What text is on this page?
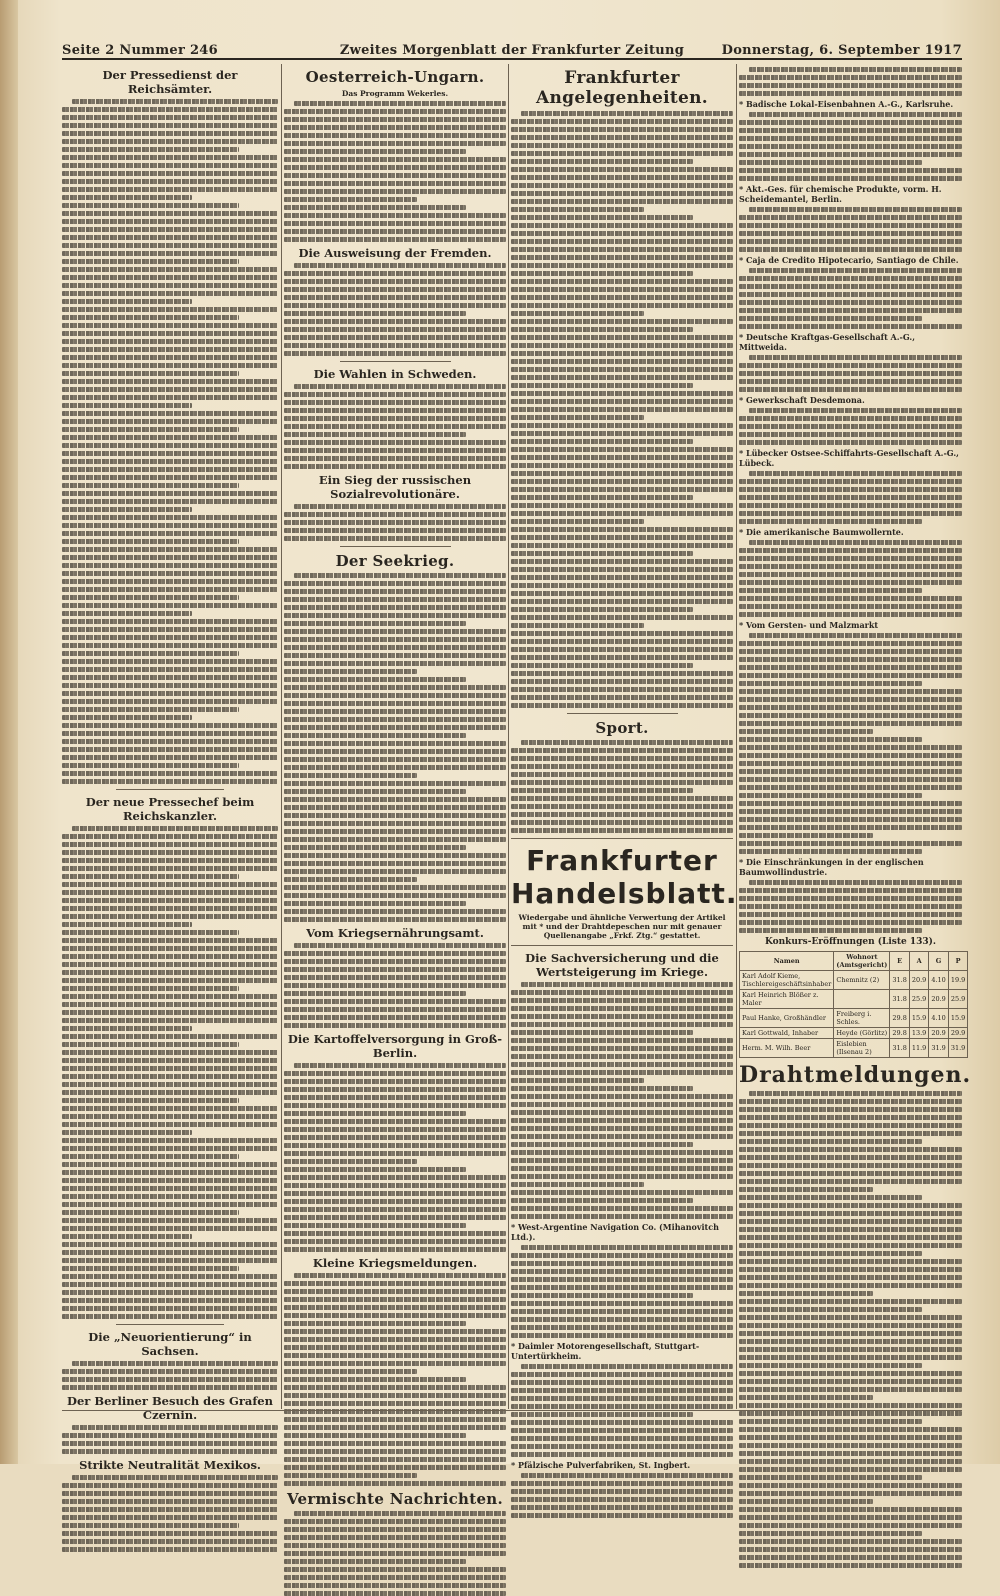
Seite 2 Nummer 246	Zweites Morgenblatt der Frankfurter Zeitung	Donnerstag, 6. September 1917
Der Pressedienst der Reichsämter.
Der neue Pressechef beim Reichskanzler.
Die „Neuorientierung“ in Sachsen.
Der Berliner Besuch des Grafen Czernin.
Strikte Neutralität Mexikos.
Oesterreich-Ungarn.
Das Programm Wekerles.
Die Ausweisung der Fremden.
Die Wahlen in Schweden.
Ein Sieg der russischen Sozialrevolutionäre.
Der Seekrieg.
Vom Kriegsernährungsamt.
Die Kartoffelversorgung in Groß-Berlin.
Kleine Kriegsmeldungen.
Vermischte Nachrichten.
Frankfurter Angelegenheiten.
Sport.
Frankfurter Handelsblatt.
Wiedergabe und ähnliche Verwertung der Artikel mit * und der Drahtdepeschen nur mit genauer Quellenangabe „Frkf. Ztg.“ gestattet.
Die Sachversicherung und die Wertsteigerung im Kriege.
* West-Argentine Navigation Co. (Mihanovitch Ltd.).
* Daimler Motorengesellschaft, Stuttgart-Untertürkheim.
* Pfälzische Pulverfabriken, St. Ingbert.
* Badische Lokal-Eisenbahnen A.-G., Karlsruhe.
* Akt.-Ges. für chemische Produkte, vorm. H. Scheidemantel, Berlin.
* Caja de Credito Hipotecario, Santiago de Chile.
* Deutsche Kraftgas-Gesellschaft A.-G., Mittweida.
* Gewerkschaft Desdemona.
* Lübecker Ostsee-Schiffahrts-Gesellschaft A.-G., Lübeck.
* Die amerikanische Baumwollernte.
* Vom Gersten- und Malzmarkt
* Die Einschränkungen in der englischen Baumwollindustrie.
Konkurs-Eröffnungen (Liste 133).
Namen	Wohnort (Amtsgericht)	E	A	G	P
Karl Adolf Kieme, Tischlereigeschäftsinhaber	Chemnitz (2)	31.8	20.9	4.10	19.9
Karl Heinrich Blößer z. Maler		31.8	25.9	20.9	25.9
Paul Hanke, Großhändler	Freiberg i. Schles.	29.8	15.9	4.10	15.9
Karl Gottwald, Inhaber	Heyde (Görlitz)	29.8	13.9	20.9	29.9
Herm. M. Wilh. Beer	Eislebien (Ilsenau 2)	31.8	11.9	31.9	31.9
Drahtmeldungen.
